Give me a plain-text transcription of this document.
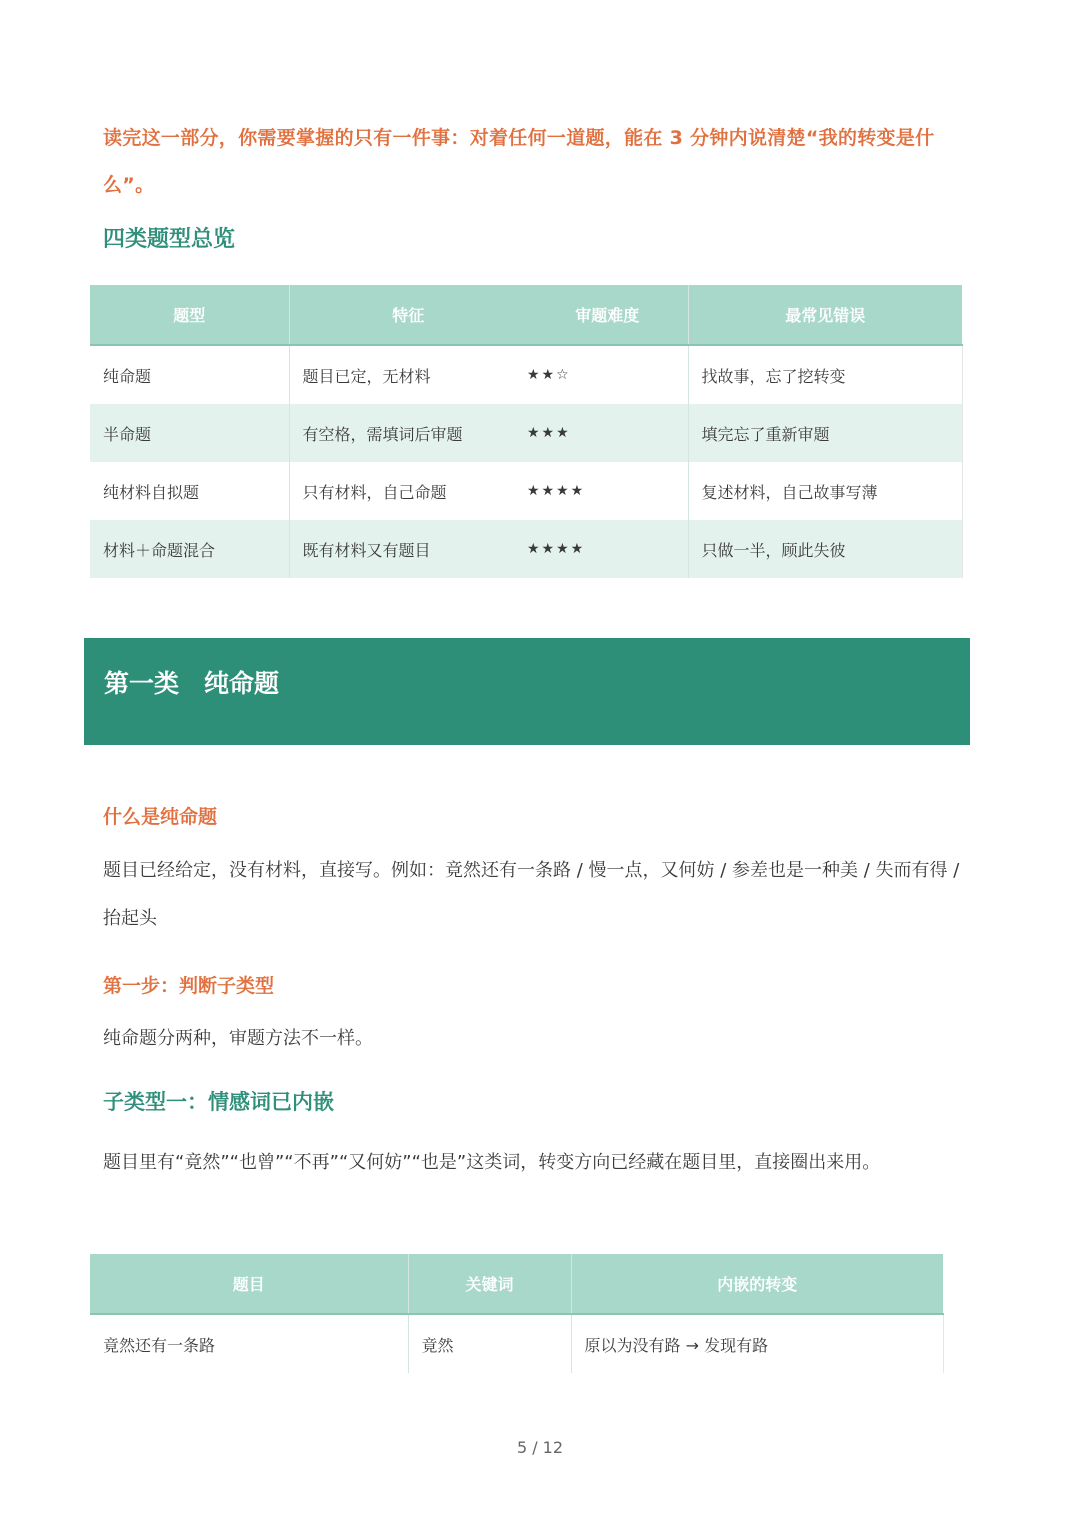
读完这一部分，你需要掌握的只有一件事：对着任何一道题，能在 3 分钟内说清楚“我的转变是什么”。

四类题型总览
题型	特征	审题难度	最常见错误
纯命题	题目已定，无材料	★★☆	找故事，忘了挖转变
半命题	有空格，需填词后审题	★★★	填完忘了重新审题
纯材料自拟题	只有材料，自己命题	★★★★	复述材料，自己故事写薄
材料＋命题混合	既有材料又有题目	★★★★	只做一半，顾此失彼
第一类　纯命题
什么是纯命题

题目已经给定，没有材料，直接写。例如：竟然还有一条路 / 慢一点，又何妨 / 参差也是一种美 / 失而有得 / 抬起头

第一步：判断子类型

纯命题分两种，审题方法不一样。

子类型一：情感词已内嵌

题目里有“竟然”“也曾”“不再”“又何妨”“也是”这类词，转变方向已经藏在题目里，直接圈出来用。

题目	关键词	内嵌的转变
竟然还有一条路	竟然	原以为没有路 → 发现有路
5 / 12
